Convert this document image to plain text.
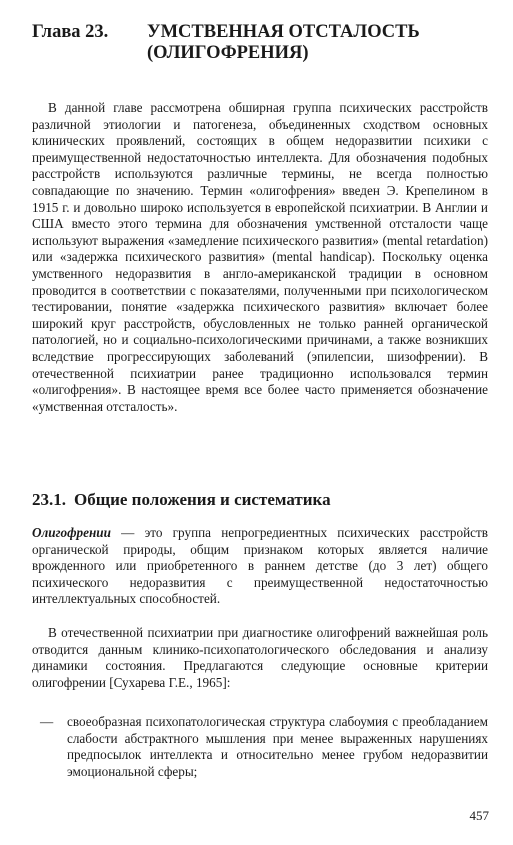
Глава 23. УМСТВЕННАЯ ОТСТАЛОСТЬ
(ОЛИГОФРЕНИЯ)

В данной главе рассмотрена обширная группа психических расстройств различной этиологии и патогенеза, объединенных сходством основных клинических проявлений, состоящих в общем недоразвитии психики с преимущественной недостаточностью интеллекта. Для обозначения подобных расстройств используются различные термины, не всегда полностью совпадающие по значению. Термин «олигофрения» введен Э. Крепелином в 1915 г. и довольно широко используется в европейской психиатрии. В Англии и США вместо этого термина для обозначения умственной отсталости чаще используют выражения «замедление психического развития» (mental retardation) или «задержка психического развития» (mental handicap). Поскольку оценка умственного недоразвития в англо-американской традиции в основном проводится в соответствии с показателями, полученными при психологическом тестировании, понятие «задержка психического развития» включает более широкий круг расстройств, обусловленных не только ранней органической патологией, но и социально-психологическими причинами, а также возникших вследствие прогрессирующих заболеваний (эпилепсии, шизофрении). В отечественной психиатрии ранее традиционно использовался термин «олигофрения». В настоящее время все более часто применяется обозначение «умственная отсталость».

23.1. Общие положения и систематика

Олигофрении — это группа непрогредиентных психических расстройств органической природы, общим признаком которых является наличие врожденного или приобретенного в раннем детстве (до 3 лет) общего психического недоразвития с преимущественной недостаточностью интеллектуальных способностей.

В отечественной психиатрии при диагностике олигофрений важнейшая роль отводится данным клинико-психопатологического обследования и анализу динамики состояния. Предлагаются следующие основные критерии олигофрении [Сухарева Г.Е., 1965]:

— своеобразная психопатологическая структура слабоумия с преобладанием слабости абстрактного мышления при менее выраженных нарушениях предпосылок интеллекта и относительно менее грубом недоразвитии эмоциональной сферы;
457
